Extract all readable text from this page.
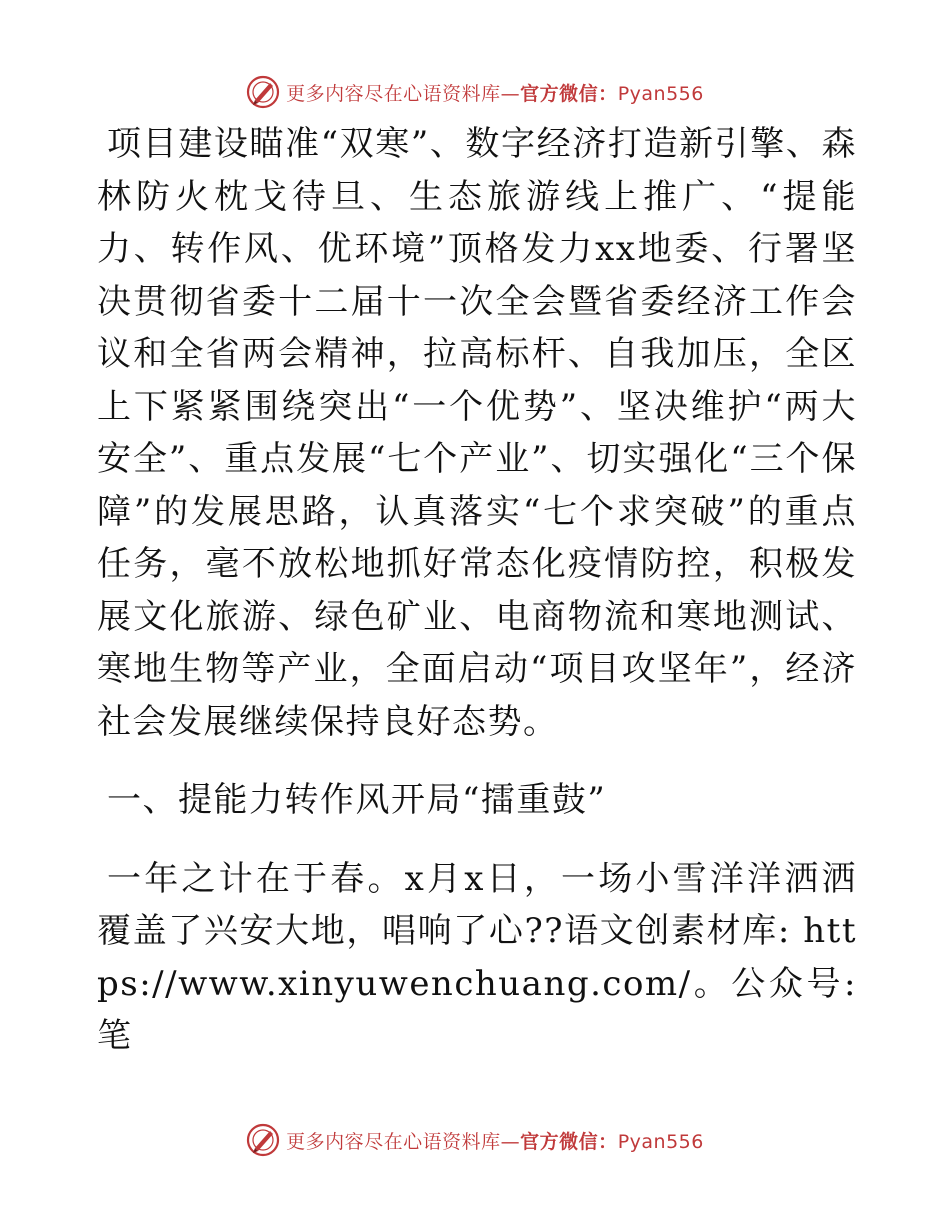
更多内容尽在心语资料库—官方微信：Pyan556

项目建设瞄准“双寒”、数字经济打造新引擎、森林防火枕戈待旦、生态旅游线上推广、“提能力、转作风、优环境”顶格发力xx地委、行署坚决贯彻省委十二届十一次全会暨省委经济工作会议和全省两会精神，拉高标杆、自我加压，全区上下紧紧围绕突出“一个优势”、坚决维护“两大安全”、重点发展“七个产业”、切实强化“三个保障”的发展思路，认真落实“七个求突破”的重点任务，毫不放松地抓好常态化疫情防控，积极发展文化旅游、绿色矿业、电商物流和寒地测试、寒地生物等产业，全面启动“项目攻坚年”，经济社会发展继续保持良好态势。

一、提能力转作风开局“擂重鼓”

一年之计在于春。x月x日，一场小雪洋洋洒洒覆盖了兴安大地，唱响了心??语文创素材库: https://www.xinyuwenchuang.com/。公众号: 笔

更多内容尽在心语资料库—官方微信：Pyan556
